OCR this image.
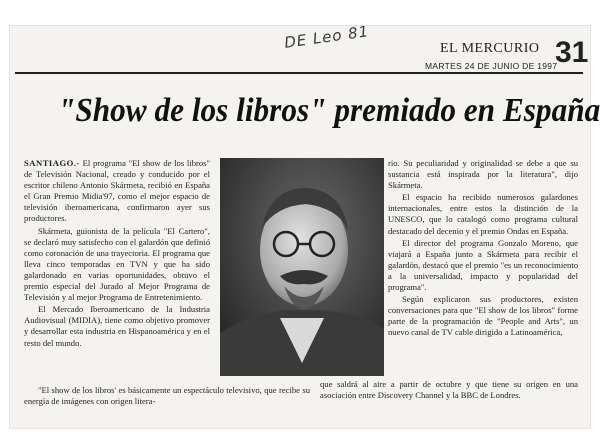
DE Leo 81	EL MERCURIO 31
MARTES 24 DE JUNIO DE 1997
"Show de los libros" premiado en España

SANTIAGO.- El programa "El show de los libros" de Televisión Nacional, creado y conducido por el escritor chileno Antonio Skármeta, recibió en España el Gran Premio Midia'97, como el mejor espacio de televisión iberoamericana, confirmaron ayer sus productores.

Skármeta, guionista de la película "El Cartero", se declaró muy satisfecho con el galardón que definió como coronación de una trayectoria. El programa que lleva cinco temporadas en TVN y que ha sido galardonado en varias oportunidades, obtuvo el premio especial del Jurado al Mejor Programa de Televisión y al mejor Programa de Entretenimiento.

El Mercado Iberoamericano de la Industria Audiovisual (MIDIA), tiene como objetivo promover y desarrollar esta industria en Hispanoamérica y en el resto del mundo.

rio. Su peculiaridad y originalidad se debe a que su sustancia está inspirada por la literatura", dijo Skármeta.

El espacio ha recibido numerosos galardones internacionales, entre estos la distinción de la UNESCO, que lo catalogó como programa cultural destacado del decenio y el premio Ondas en España.

El director del programa Gonzalo Moreno, que viajará a España junto a Skármeta para recibir el galardón, destacó que el premio "es un reconocimiento a la universalidad, impacto y popularidad del programa".

Según explicaron sus productores, existen conversaciones para que "El show de los libros" forme parte de la programación de "People and Arts", un nuevo canal de TV cable dirigido a Latinoamérica,

"El show de los libros' es básicamente un espectáculo televisivo, que recibe su energía de imágenes con origen litera-

que saldrá al aire a partir de octubre y que tiene su origen en una asociación entre Discovery Channel y la BBC de Londres.
